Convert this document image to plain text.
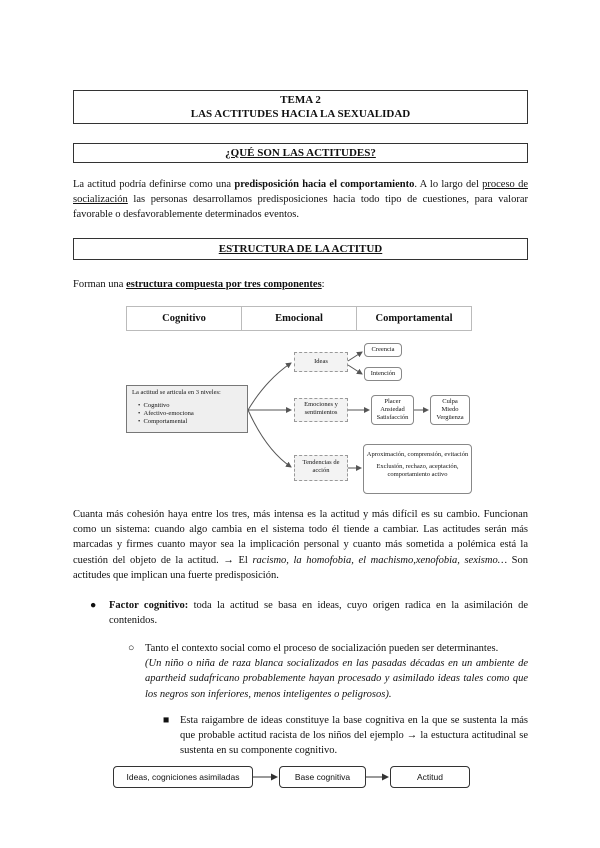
TEMA 2
LAS ACTITUDES HACIA LA SEXUALIDAD
¿QUÉ SON LAS ACTITUDES?

La actitud podría definirse como una predisposición hacia el comportamiento. A lo largo del proceso de socialización las personas desarrollamos predisposiciones hacia todo tipo de cuestiones, para valorar favorable o desfavorablemente determinados eventos.

ESTRUCTURA DE LA ACTITUD

Forman una estructura compuesta por tres componentes:

Cognitivo	Emocional	Comportamental
La actitud se articula en 3 niveles:
•  Cognitivo
•  Afectivo-emociona
•  Comportamental
Ideas
Creencia
Intención
Emociones y
sentimientos
Placer
Ansiedad
Satisfacción
Culpa
Miedo
Vergüenza
Tendencias de
acción
Aproximación, comprensión, evitación
Exclusión, rechazo, aceptación,
comportamiento activo

Cuanta más cohesión haya entre los tres, más intensa es la actitud y más difícil es su cambio. Funcionan como un sistema: cuando algo cambia en el sistema todo él tiende a cambiar. Las actitudes serán más marcadas y firmes cuanto mayor sea la implicación personal y cuanto más sometida a polémica está la cuestión del objeto de la actitud. → El racismo, la homofobia, el machismo,xenofobia, sexismo… Son actitudes que implican una fuerte predisposición.

●	Factor cognitivo: toda la actitud se basa en ideas, cuyo origen radica en la asimilación de contenidos.

○	Tanto el contexto social como el proceso de socialización pueden ser determinantes.
(Un niño o niña de raza blanca socializados en las pasadas décadas en un ambiente de apartheid sudafricano probablemente hayan procesado y asimilado ideas tales como que los negros son inferiores, menos inteligentes o peligrosos).

■	Esta raigambre de ideas constituye la base cognitiva en la que se sustenta la más que probable actitud racista de los niños del ejemplo → la estuctura actitudinal se sustenta en su componente cognitivo.

Ideas, cogniciones asimiladas	Base cognitiva	Actitud
